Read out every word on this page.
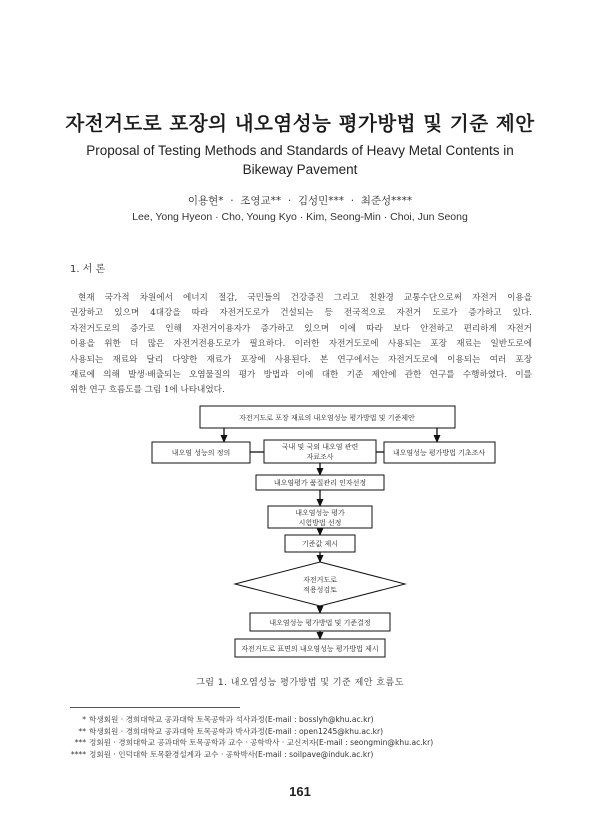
자전거도로 포장의 내오염성능 평가방법 및 기준 제안
Proposal of Testing Methods and Standards of Heavy Metal Contents in
Bikeway Pavement
이용현*  ·  조영교**  ·  김성민***  ·  최준성****
Lee, Yong Hyeon · Cho, Young Kyo · Kim, Seong-Min · Choi, Jun Seong
1. 서 론
현재 국가적 차원에서 에너지 절감, 국민들의 건강증진 그리고 친환경 교통수단으로써 자전거 이용을
권장하고 있으며 4대강을 따라 자전거도로가 건설되는 등 전국적으로 자전거 도로가 증가하고 있다.
자전거도로의 증가로 인해 자전거이용자가 증가하고 있으며 이에 따라 보다 안전하고 편리하게 자전거
이용을 위한 더 많은 자전거전용도로가 필요하다. 이러한 자전거도로에 사용되는 포장 재료는 일반도로에
사용되는 재료와 달리 다양한 재료가 포장에 사용된다. 본 연구에서는 자전거도로에 이용되는 여러 포장
재료에 의해 발생·배출되는 오염물질의 평가 방법과 이에 대한 기준 제안에 관한 연구를 수행하였다. 이를
위한 연구 흐름도를 그림 1에 나타내었다.
자전거도로 포장 재료의 내오염성능 평가방법 및 기준제안
내오염 성능의 정의
국내 및 국외 내오염 관련
자료조사	내오염성능 평가방법 기초조사
내오염평가 품질관리 인자선정
내오염성능 평가
시험방법 선정
기준값 제시
자전거도로
적용성검토
내오염성능 평가방법 및 기준결정
자전거도로 표면의 내오염성능 평가방법 제시
그림 1. 내오염성능 평가방법 및 기준 제안 흐름도
* 학생회원 · 경희대학교 공과대학 토목공학과 석사과정(E-mail : bosslyh@khu.ac.kr)
** 학생회원 · 경희대학교 공과대학 토목공학과 박사과정(E-mail : open1245@khu.ac.kr)
*** 정회원 · 경희대학교 공과대학 토목공학과 교수 · 공학박사 · 교신저자(E-mail : seongmin@khu.ac.kr)
**** 정회원 · 인덕대학 토목환경설계과 교수 · 공학박사(E-mail : soilpave@induk.ac.kr)
161
